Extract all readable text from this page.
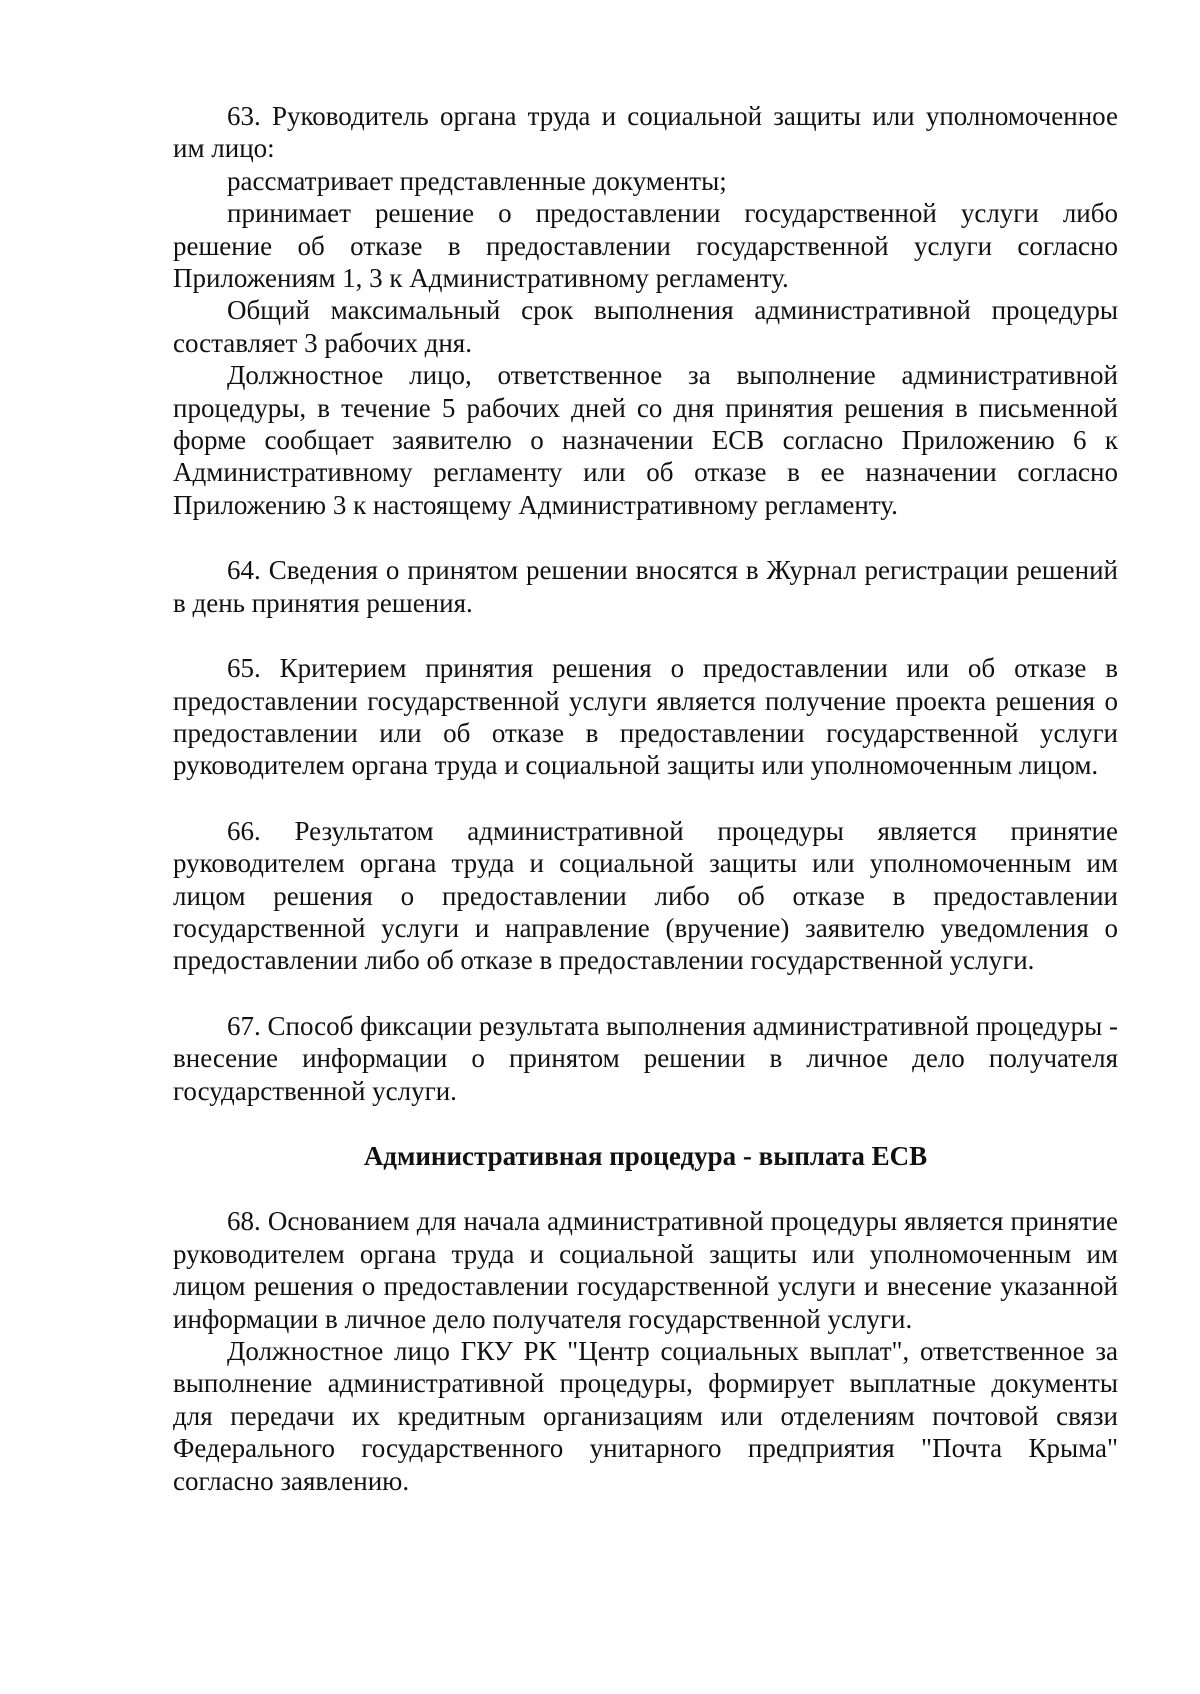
63. Руководитель органа труда и социальной защиты или уполномоченное им лицо:

рассматривает представленные документы;

принимает решение о предоставлении государственной услуги либо решение об отказе в предоставлении государственной услуги согласно Приложениям 1, 3 к Административному регламенту.

Общий максимальный срок выполнения административной процедуры составляет 3 рабочих дня.

Должностное лицо, ответственное за выполнение административной процедуры, в течение 5 рабочих дней со дня принятия решения в письменной форме сообщает заявителю о назначении ЕСВ согласно Приложению 6 к Административному регламенту или об отказе в ее назначении согласно Приложению 3 к настоящему Административному регламенту.

64. Сведения о принятом решении вносятся в Журнал регистрации решений в день принятия решения.

65. Критерием принятия решения о предоставлении или об отказе в предоставлении государственной услуги является получение проекта решения о предоставлении или об отказе в предоставлении государственной услуги руководителем органа труда и социальной защиты или уполномоченным лицом.

66. Результатом административной процедуры является принятие руководителем органа труда и социальной защиты или уполномоченным им лицом решения о предоставлении либо об отказе в предоставлении государственной услуги и направление (вручение) заявителю уведомления о предоставлении либо об отказе в предоставлении государственной услуги.

67. Способ фиксации результата выполнения административной процедуры - внесение информации о принятом решении в личное дело получателя государственной услуги.

Административная процедура - выплата ЕСВ

68. Основанием для начала административной процедуры является принятие руководителем органа труда и социальной защиты или уполномоченным им лицом решения о предоставлении государственной услуги и внесение указанной информации в личное дело получателя государственной услуги.

Должностное лицо ГКУ РК "Центр социальных выплат", ответственное за выполнение административной процедуры, формирует выплатные документы для передачи их кредитным организациям или отделениям почтовой связи Федерального государственного унитарного предприятия "Почта Крыма" согласно заявлению.
